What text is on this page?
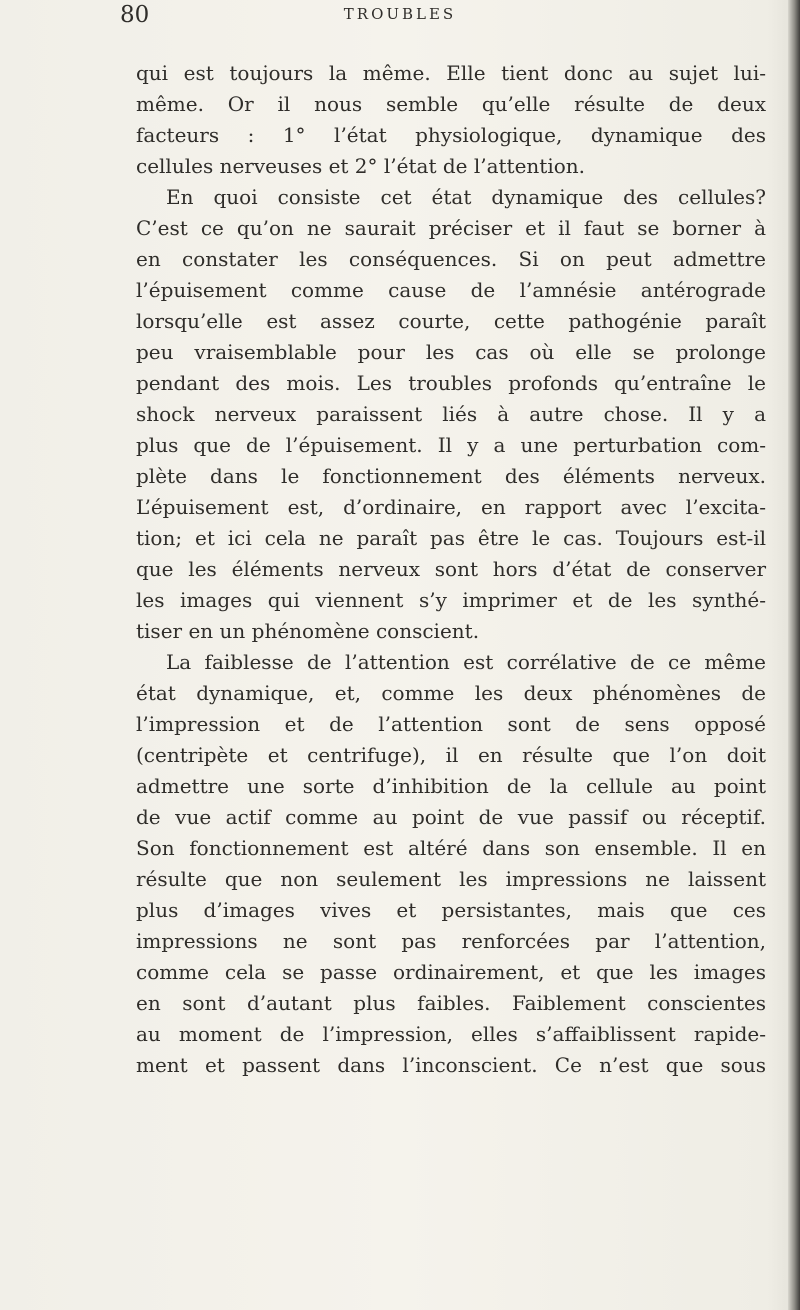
80	TROUBLES
qui est toujours la même. Elle tient donc au sujet lui-
même. Or il nous semble qu’elle résulte de deux
facteurs : 1° l’état physiologique, dynamique des
cellules nerveuses et 2° l’état de l’attention.
En quoi consiste cet état dynamique des cellules?
C’est ce qu’on ne saurait préciser et il faut se borner à
en constater les conséquences. Si on peut admettre
l’épuisement comme cause de l’amnésie antérograde
lorsqu’elle est assez courte, cette pathogénie paraît
peu vraisemblable pour les cas où elle se prolonge
pendant des mois. Les troubles profonds qu’entraîne le
shock nerveux paraissent liés à autre chose. Il y a
plus que de l’épuisement. Il y a une perturbation com-
plète dans le fonctionnement des éléments nerveux.
L’épuisement est, d’ordinaire, en rapport avec l’excita-
tion; et ici cela ne paraît pas être le cas. Toujours est-il
que les éléments nerveux sont hors d’état de conserver
les images qui viennent s’y imprimer et de les synthé-
tiser en un phénomène conscient.
La faiblesse de l’attention est corrélative de ce même
état dynamique, et, comme les deux phénomènes de
l’impression et de l’attention sont de sens opposé
(centripète et centrifuge), il en résulte que l’on doit
admettre une sorte d’inhibition de la cellule au point
de vue actif comme au point de vue passif ou réceptif.
Son fonctionnement est altéré dans son ensemble. Il en
résulte que non seulement les impressions ne laissent
plus d’images vives et persistantes, mais que ces
impressions ne sont pas renforcées par l’attention,
comme cela se passe ordinairement, et que les images
en sont d’autant plus faibles. Faiblement conscientes
au moment de l’impression, elles s’affaiblissent rapide-
ment et passent dans l’inconscient. Ce n’est que sous
